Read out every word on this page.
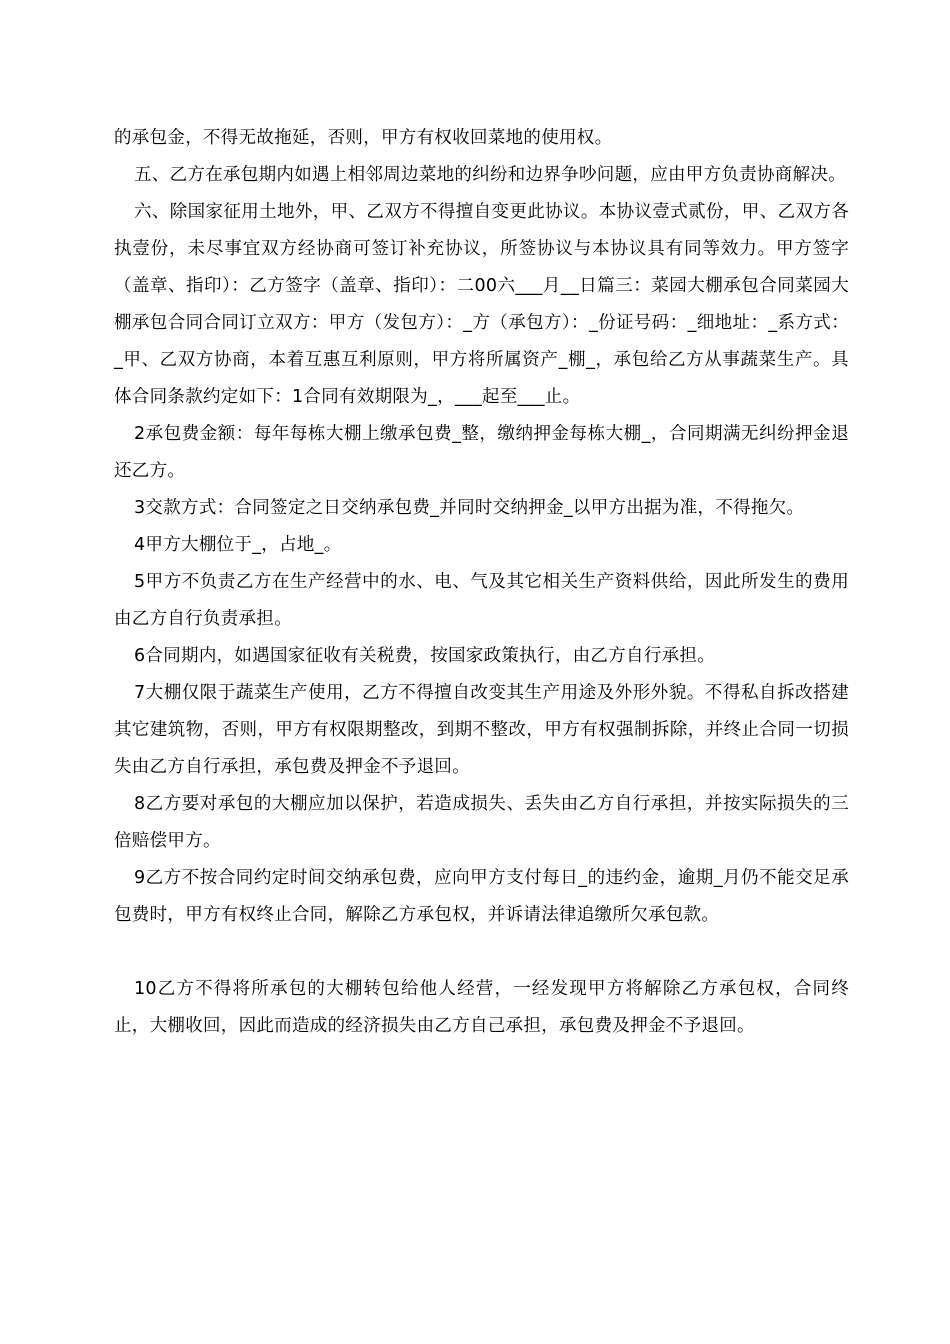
的承包金，不得无故拖延，否则，甲方有权收回菜地的使用权。

五、乙方在承包期内如遇上相邻周边菜地的纠纷和边界争吵问题，应由甲方负责协商解决。

六、除国家征用土地外，甲、乙双方不得擅自变更此协议。本协议壹式贰份，甲、乙双方各执壹份，未尽事宜双方经协商可签订补充协议，所签协议与本协议具有同等效力。甲方签字（盖章、指印）：乙方签字（盖章、指印）：二00六___月__日篇三：菜园大棚承包合同菜园大棚承包合同合同订立双方：甲方（发包方）：_方（承包方）：_份证号码：_细地址：_系方式：_甲、乙双方协商，本着互惠互利原则，甲方将所属资产_棚_，承包给乙方从事蔬菜生产。具体合同条款约定如下：1合同有效期限为_，___起至___止。

2承包费金额：每年每栋大棚上缴承包费_整，缴纳押金每栋大棚_，合同期满无纠纷押金退还乙方。

3交款方式：合同签定之日交纳承包费_并同时交纳押金_以甲方出据为准，不得拖欠。

4甲方大棚位于_，占地_。

5甲方不负责乙方在生产经营中的水、电、气及其它相关生产资料供给，因此所发生的费用由乙方自行负责承担。

6合同期内，如遇国家征收有关税费，按国家政策执行，由乙方自行承担。

7大棚仅限于蔬菜生产使用，乙方不得擅自改变其生产用途及外形外貌。不得私自拆改搭建其它建筑物，否则，甲方有权限期整改，到期不整改，甲方有权强制拆除，并终止合同一切损失由乙方自行承担，承包费及押金不予退回。

8乙方要对承包的大棚应加以保护，若造成损失、丢失由乙方自行承担，并按实际损失的三倍赔偿甲方。

9乙方不按合同约定时间交纳承包费，应向甲方支付每日_的违约金，逾期_月仍不能交足承包费时，甲方有权终止合同，解除乙方承包权，并诉请法律追缴所欠承包款。

10乙方不得将所承包的大棚转包给他人经营，一经发现甲方将解除乙方承包权，合同终止，大棚收回，因此而造成的经济损失由乙方自己承担，承包费及押金不予退回。
